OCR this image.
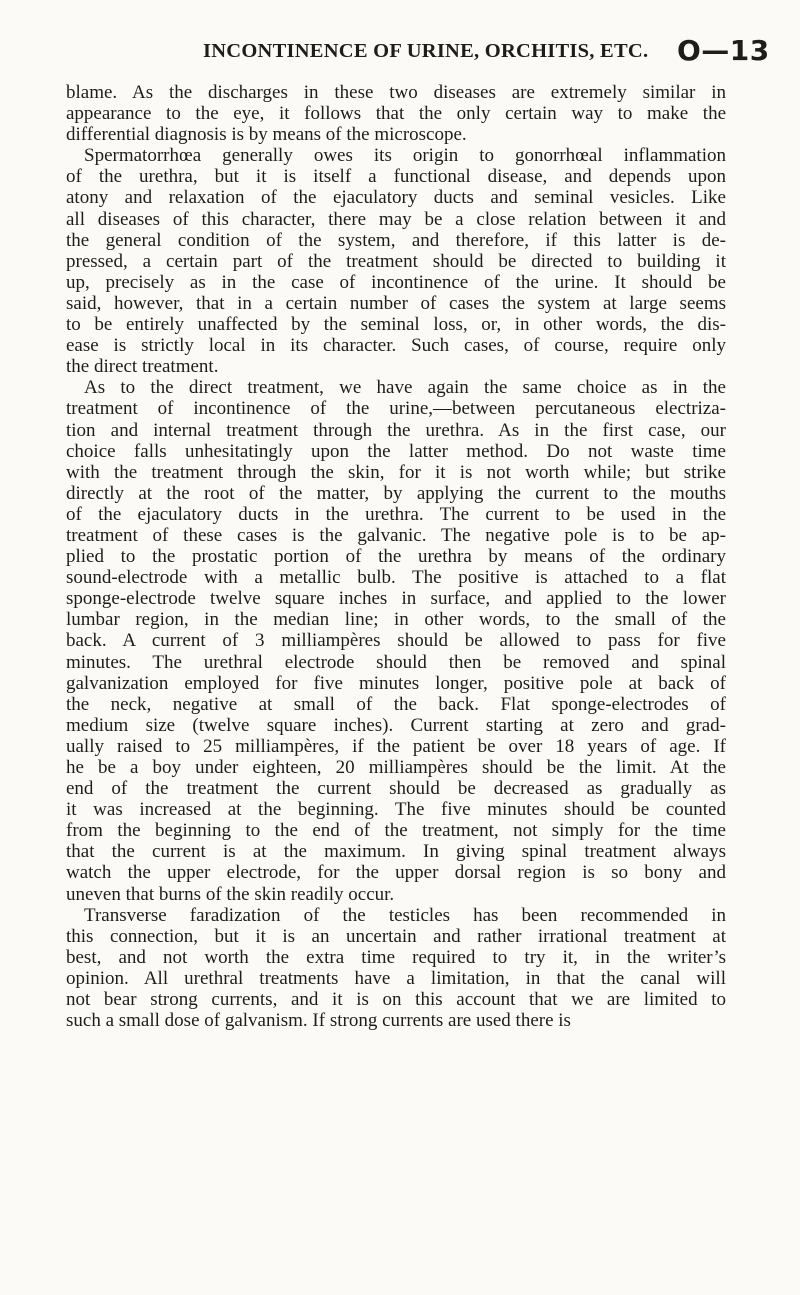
INCONTINENCE OF URINE, ORCHITIS, ETC. O—13
blame. As the discharges in these two diseases are extremely similar in
appearance to the eye, it follows that the only certain way to make the
differential diagnosis is by means of the microscope.
Spermatorrhœa generally owes its origin to gonorrhœal inflammation
of the urethra, but it is itself a functional disease, and depends upon
atony and relaxation of the ejaculatory ducts and seminal vesicles. Like
all diseases of this character, there may be a close relation between it and
the general condition of the system, and therefore, if this latter is de-
pressed, a certain part of the treatment should be directed to building it
up, precisely as in the case of incontinence of the urine. It should be
said, however, that in a certain number of cases the system at large seems
to be entirely unaffected by the seminal loss, or, in other words, the dis-
ease is strictly local in its character. Such cases, of course, require only
the direct treatment.
As to the direct treatment, we have again the same choice as in the
treatment of incontinence of the urine,—between percutaneous electriza-
tion and internal treatment through the urethra. As in the first case, our
choice falls unhesitatingly upon the latter method. Do not waste time
with the treatment through the skin, for it is not worth while; but strike
directly at the root of the matter, by applying the current to the mouths
of the ejaculatory ducts in the urethra. The current to be used in the
treatment of these cases is the galvanic. The negative pole is to be ap-
plied to the prostatic portion of the urethra by means of the ordinary
sound-electrode with a metallic bulb. The positive is attached to a flat
sponge-electrode twelve square inches in surface, and applied to the lower
lumbar region, in the median line; in other words, to the small of the
back. A current of 3 milliampères should be allowed to pass for five
minutes. The urethral electrode should then be removed and spinal
galvanization employed for five minutes longer, positive pole at back of
the neck, negative at small of the back. Flat sponge-electrodes of
medium size (twelve square inches). Current starting at zero and grad-
ually raised to 25 milliampères, if the patient be over 18 years of age. If
he be a boy under eighteen, 20 milliampères should be the limit. At the
end of the treatment the current should be decreased as gradually as
it was increased at the beginning. The five minutes should be counted
from the beginning to the end of the treatment, not simply for the time
that the current is at the maximum. In giving spinal treatment always
watch the upper electrode, for the upper dorsal region is so bony and
uneven that burns of the skin readily occur.
Transverse faradization of the testicles has been recommended in
this connection, but it is an uncertain and rather irrational treatment at
best, and not worth the extra time required to try it, in the writer’s
opinion. All urethral treatments have a limitation, in that the canal will
not bear strong currents, and it is on this account that we are limited to
such a small dose of galvanism. If strong currents are used there is
